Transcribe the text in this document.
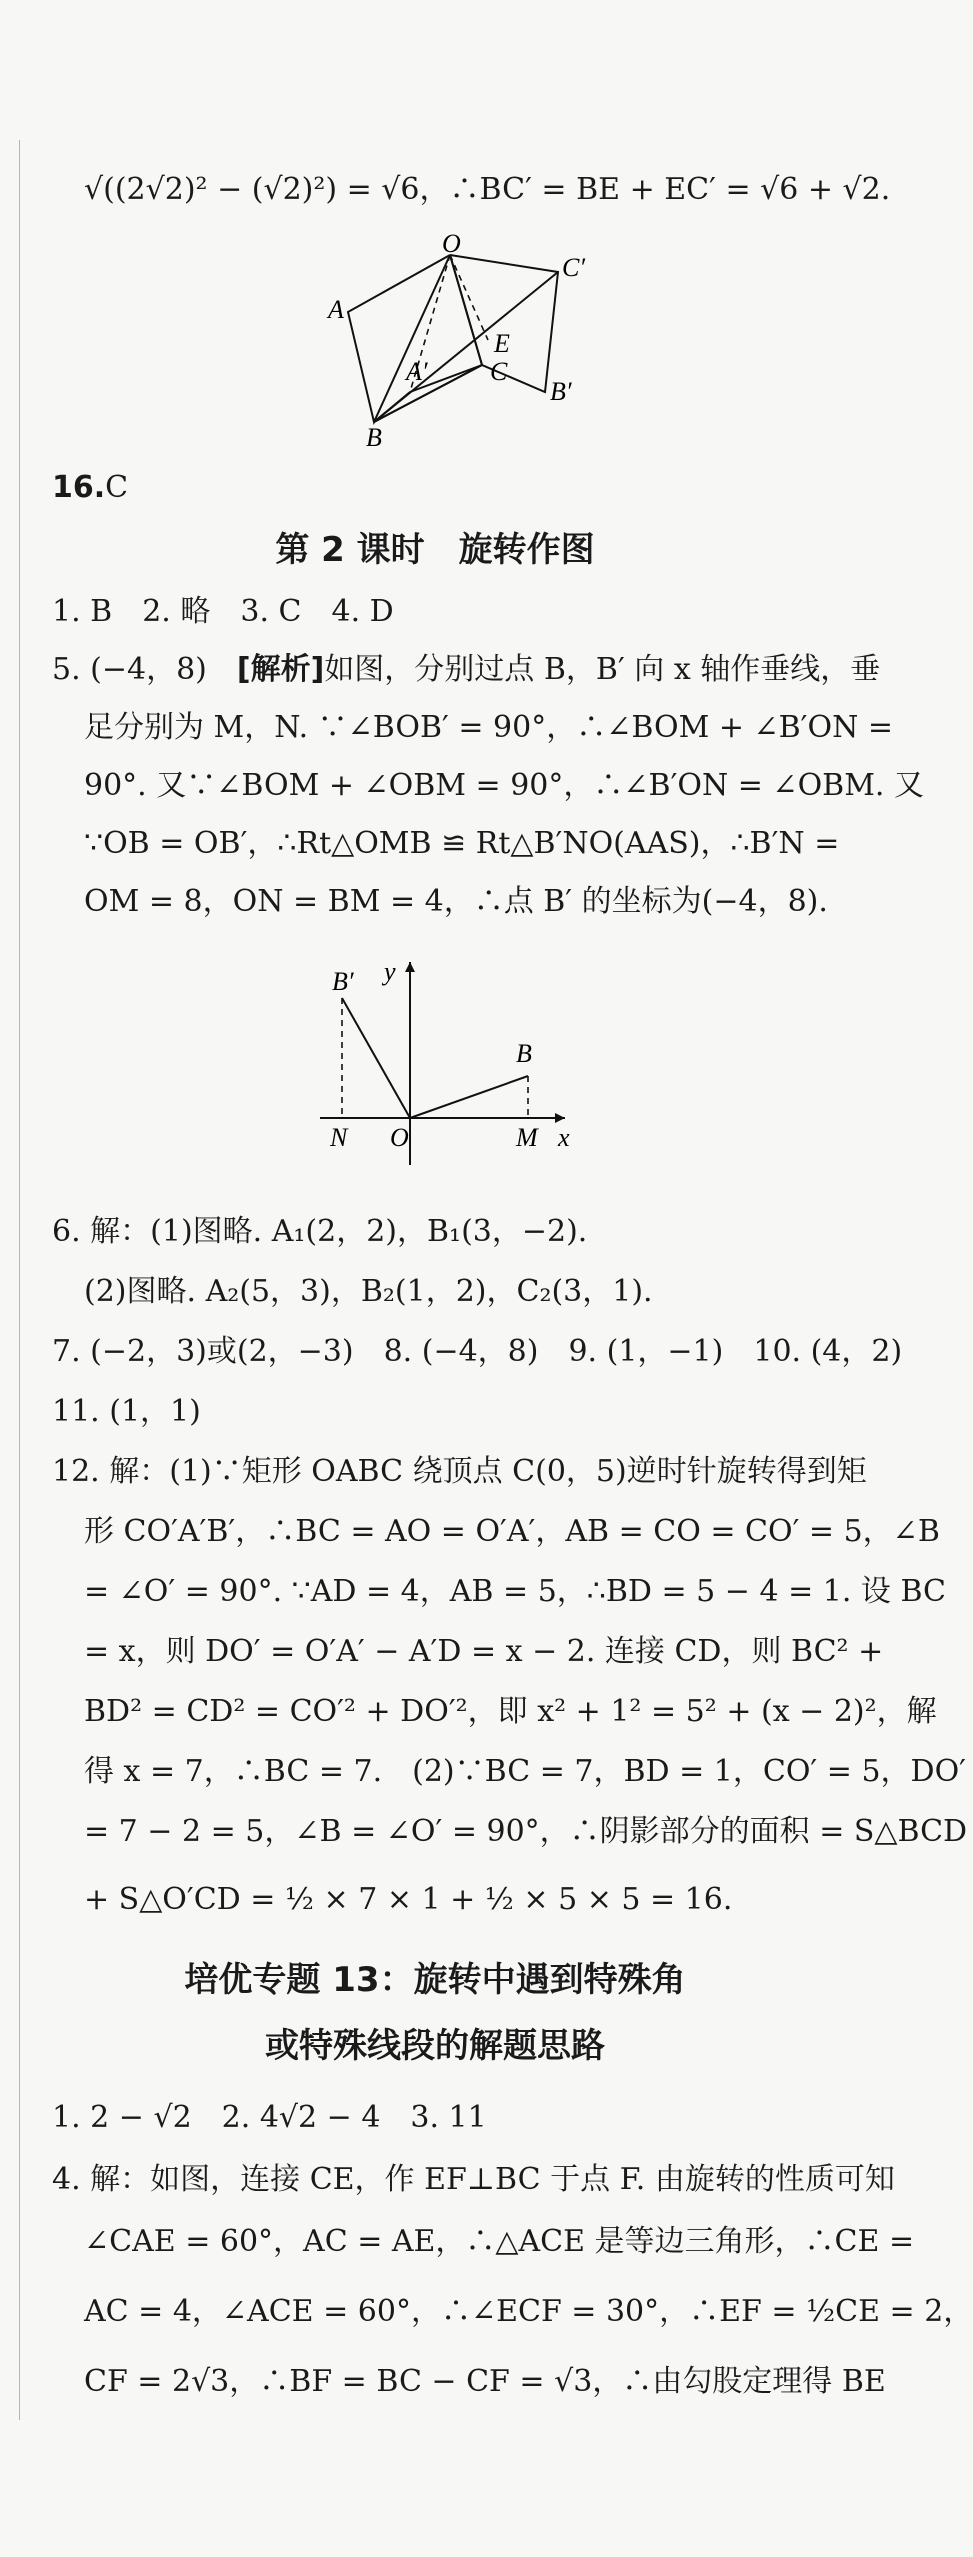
√((2√2)² − (√2)²) = √6，∴BC′ = BE + EC′ = √6 + √2.
O
A
C′
E
A′ C
B′
B
16.C
第 2 课时　旋转作图
1. B　2. 略　3. C　4. D
5. (−4，8)　[解析]如图，分别过点 B，B′ 向 x 轴作垂线，垂
足分别为 M，N. ∵∠BOB′ = 90°，∴∠BOM + ∠B′ON =
90°. 又∵∠BOM + ∠OBM = 90°，∴∠B′ON = ∠OBM. 又
∵OB = OB′，∴Rt△OMB ≌ Rt△B′NO(AAS)，∴B′N =
OM = 8，ON = BM = 4，∴点 B′ 的坐标为(−4，8).
B′ y
B
N O	M x
6. 解：(1)图略. A₁(2，2)，B₁(3，−2).
(2)图略. A₂(5，3)，B₂(1，2)，C₂(3，1).
7. (−2，3)或(2，−3)　8. (−4，8)　9. (1，−1)　10. (4，2)
11. (1，1)
12. 解：(1)∵矩形 OABC 绕顶点 C(0，5)逆时针旋转得到矩
形 CO′A′B′，∴BC = AO = O′A′，AB = CO = CO′ = 5，∠B
= ∠O′ = 90°. ∵AD = 4，AB = 5，∴BD = 5 − 4 = 1. 设 BC
= x，则 DO′ = O′A′ − A′D = x − 2. 连接 CD，则 BC² +
BD² = CD² = CO′² + DO′²，即 x² + 1² = 5² + (x − 2)²，解
得 x = 7，∴BC = 7.　(2)∵BC = 7，BD = 1，CO′ = 5，DO′
= 7 − 2 = 5，∠B = ∠O′ = 90°，∴阴影部分的面积 = S△BCD
+ S△O′CD = ½ × 7 × 1 + ½ × 5 × 5 = 16.
培优专题 13：旋转中遇到特殊角
或特殊线段的解题思路
1. 2 − √2　2. 4√2 − 4　3. 11
4. 解：如图，连接 CE，作 EF⊥BC 于点 F. 由旋转的性质可知
∠CAE = 60°，AC = AE，∴△ACE 是等边三角形，∴CE =
AC = 4，∠ACE = 60°，∴∠ECF = 30°，∴EF = ½CE = 2，
CF = 2√3，∴BF = BC − CF = √3，∴由勾股定理得 BE
